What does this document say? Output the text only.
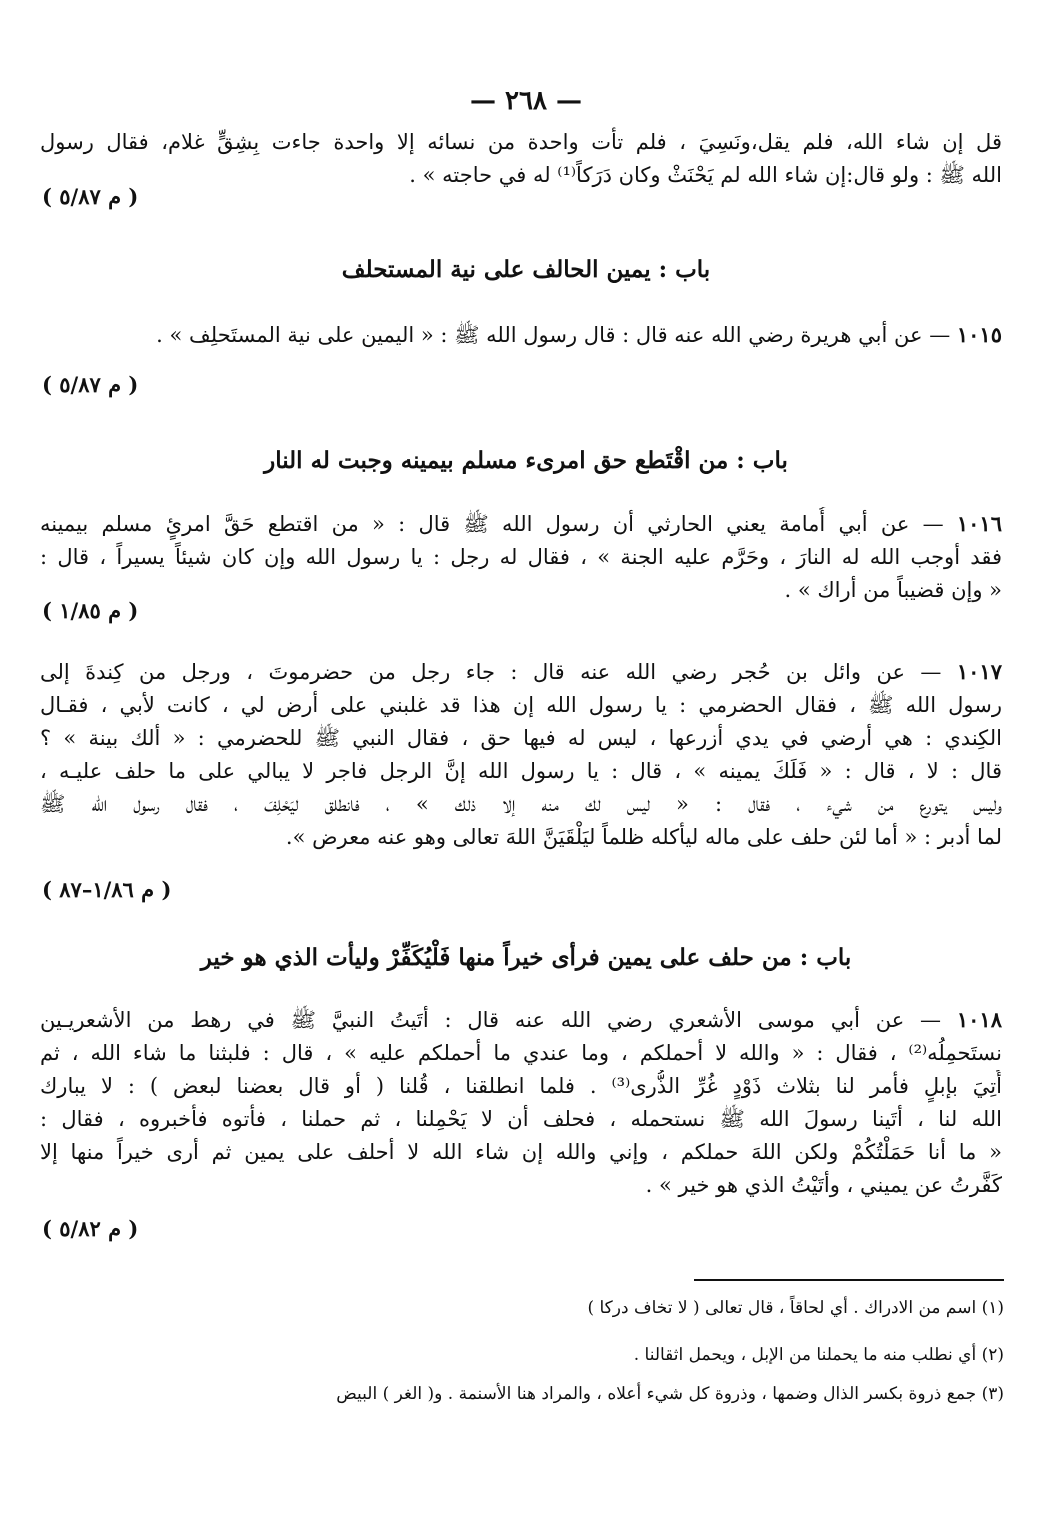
— ٢٦٨ —
قل إن شاء الله، فلم يقل،ونَسِيَ ، فلم تأت واحدة من نسائه إلا واحدة جاءت بِشِقٍّ غلام، فقال رسول
الله ﷺ : ولو قال:إن شاء الله لم يَحْنَثْ وكان دَرَكاً⁽¹⁾ له في حاجته » .
( م ٥/٨٧ )
باب : يمين الحالف على نية المستحلف
١٠١٥ — عن أبي هريرة رضي الله عنه قال : قال رسول الله ﷺ : « اليمين على نية المستَحلِف » .
( م ٥/٨٧ )
باب : من اقْتَطع حق امرىء مسلم بيمينه وجبت له النار
١٠١٦ — عن أبي أُمامة يعني الحارثي أن رسول الله ﷺ قال : « من اقتطع حَقَّ امرئٍ مسلم بيمينه
فقد أوجب الله له النارَ ، وحَرَّم عليه الجنة » ، فقال له رجل : يا رسول الله وإن كان شيئاً يسيراً ، قال :
« وإن قضيباً من أراك » .
( م ١/٨٥ )
١٠١٧ — عن وائل بن حُجر رضي الله عنه قال : جاء رجل من حضرموتَ ، ورجل من كِندةَ إلى
رسول الله ﷺ ، فقال الحضرمي : يا رسول الله إن هذا قد غلبني على أرض لي ، كانت لأبي ، فقـال
الكِندي : هي أرضي في يدي أزرعها ، ليس له فيها حق ، فقال النبي ﷺ للحضرمي : « ألك بينة » ؟
قال : لا ، قال : « فَلَكَ يمينه » ، قال : يا رسول الله إنَّ الرجل فاجر لا يبالي على ما حلف عليـه ،
وليس يتورع من شيء ، فقال : « ليس لك منه إلا ذلك » ، فانطلق ليَحْلِفَ ، فقال رسول الله ﷺ
لما أدبر : « أما لئن حلف على ماله ليأكله ظلماً ليَلْقَيَنَّ اللهَ تعالى وهو عنه معرض ».
( م ١/٨٦–٨٧ )
باب : من حلف على يمين فرأى خيراً منها فَلْيُكَفِّرْ وليأت الذي هو خير
١٠١٨ — عن أبي موسى الأشعري رضي الله عنه قال : أتَيتُ النبيَّ ﷺ في رهط من الأشعريـين
نستَحمِلُه⁽²⁾ ، فقال : « والله لا أحملكم ، وما عندي ما أحملكم عليه » ، قال : فلبثنا ما شاء الله ، ثم
أُتِيَ بإبلٍ فأمر لنا بثلاث ذَوْدٍ غُرِّ الذُّرى⁽³⁾ . فلما انطلقنا ، قُلنا ( أو قال بعضنا لبعض ) : لا يبارك
الله لنا ، أتَينا رسولَ الله ﷺ نستحمله ، فحلف أن لا يَحْمِلنا ، ثم حملنا ، فأتوه فأخبروه ، فقال :
« ما أنا حَمَلْتُكُمْ ولكن اللهَ حملكم ، وإني والله إن شاء الله لا أحلف على يمين ثم أرى خيراً منها إلا
كَفَّرتُ عن يميني ، وأتَيْتُ الذي هو خير » .
( م ٥/٨٢ )
(١) اسم من الادراك . أي لحاقاً ، قال تعالى ( لا تخاف دركا )
(٢) أي نطلب منه ما يحملنا من الإبل ، ويحمل اثقالنا .
(٣) جمع ذروة بكسر الذال وضمها ، وذروة كل شيء أعلاه ، والمراد هنا الأسنمة . و( الغر ) البيض
